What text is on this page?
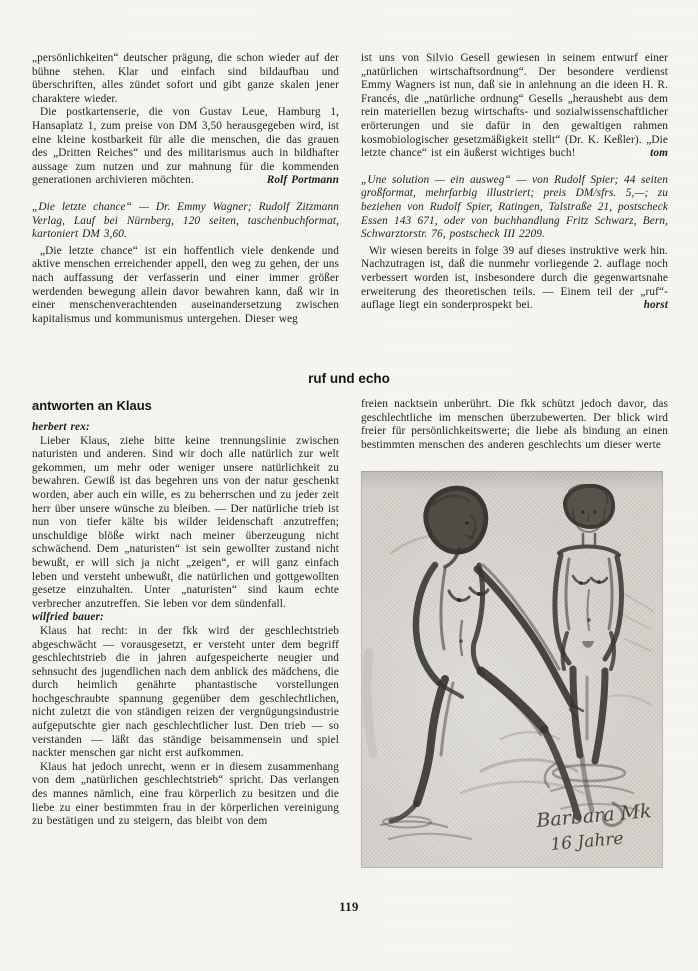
„persönlichkeiten“ deutscher prägung, die schon wieder auf der bühne stehen. Klar und einfach sind bildaufbau und überschriften, alles zündet sofort und gibt ganze skalen jener charaktere wieder.

Die postkartenserie, die von Gustav Leue, Hamburg 1, Hansaplatz 1, zum preise von DM 3,50 herausgegeben wird, ist eine kleine kostbarkeit für alle die menschen, die das grauen des „Dritten Reiches“ und des militarismus auch in bildhafter aussage zum nutzen und zur mahnung für die kommenden generationen archivieren möchten.	Rolf Portmann

„Die letzte chance“ — Dr. Emmy Wagner; Rudolf Zitzmann Verlag, Lauf bei Nürnberg, 120 seiten, taschenbuchformat, kartoniert DM 3,60.

„Die letzte chance“ ist ein hoffentlich viele denkende und aktive menschen erreichender appell, den weg zu gehen, der uns nach auffassung der verfasserin und einer immer größer werdenden bewegung allein davor bewahren kann, daß wir in einer menschenverachtenden auseinandersetzung zwischen kapitalismus und kommunismus untergehen. Dieser weg

ist uns von Silvio Gesell gewiesen in seinem entwurf einer „natürlichen wirtschaftsordnung“. Der besondere verdienst Emmy Wagners ist nun, daß sie in anlehnung an die ideen H. R. Francés, die „natürliche ordnung“ Gesells „heraushebt aus dem rein materiellen bezug wirtschafts- und sozialwissenschaftlicher erörterungen und sie dafür in den gewaltigen rahmen kosmobiologischer gesetzmäßigkeit stellt“ (Dr. K. Keßler). „Die letzte chance“ ist ein äußerst wichtiges buch!	tom

„Une solution — ein ausweg“ — von Rudolf Spier; 44 seiten großformat, mehrfarbig illustriert; preis DM/sfrs. 5,—; zu beziehen von Rudolf Spier, Ratingen, Talstraße 21, postscheck Essen 143 671, oder von buchhandlung Fritz Schwarz, Bern, Schwarztorstr. 76, postscheck III 2209.

Wir wiesen bereits in folge 39 auf dieses instruktive werk hin. Nachzutragen ist, daß die nunmehr vorliegende 2. auflage noch verbessert worden ist, insbesondere durch die gegenwartsnahe erweiterung des theoretischen teils. — Einem teil der „ruf“-auflage liegt ein sonderprospekt bei.	horst

ruf und echo
antworten an Klaus

herbert rex:

Lieber Klaus, ziehe bitte keine trennungslinie zwischen naturisten und anderen. Sind wir doch alle natürlich zur welt gekommen, um mehr oder weniger unsere natürlichkeit zu bewahren. Gewiß ist das begehren uns von der natur geschenkt worden, aber auch ein wille, es zu beherrschen und zu jeder zeit herr über unsere wünsche zu bleiben. — Der natürliche trieb ist nun von tiefer kälte bis wilder leidenschaft anzutreffen; unschuldige blöße wirkt nach meiner überzeugung nicht schwächend. Dem „naturisten“ ist sein gewollter zustand nicht bewußt, er will sich ja nicht „zeigen“, er will ganz einfach leben und versteht unbewußt, die natürlichen und gottgewollten gesetze einzuhalten. Unter „naturisten“ sind kaum echte verbrecher anzutreffen. Sie leben vor dem sündenfall.

wilfried bauer:

Klaus hat recht: in der fkk wird der geschlechtstrieb abgeschwächt — vorausgesetzt, er versteht unter dem begriff geschlechtstrieb die in jahren aufgespeicherte neugier und sehnsucht des jugendlichen nach dem anblick des mädchens, die durch heimlich genährte phantastische vorstellungen hochgeschraubte spannung gegenüber dem geschlechtlichen, nicht zuletzt die von ständigen reizen der vergnügungsindustrie aufgeputschte gier nach geschlechtlicher lust. Den trieb — so verstanden — läßt das ständige beisammensein und spiel nackter menschen gar nicht erst aufkommen.

Klaus hat jedoch unrecht, wenn er in diesem zusammenhang von dem „natürlichen geschlechtstrieb“ spricht. Das verlangen des mannes nämlich, eine frau körperlich zu besitzen und die liebe zu einer bestimmten frau in der körperlichen vereinigung zu bestätigen und zu steigern, das bleibt von dem

freien nacktsein unberührt. Die fkk schützt jedoch davor, das geschlechtliche im menschen überzubewerten. Der blick wird freier für persönlichkeitswerte; die liebe als bindung an einen bestimmten menschen des anderen geschlechts um dieser werte

Barbara Mk
16 Jahre
119
